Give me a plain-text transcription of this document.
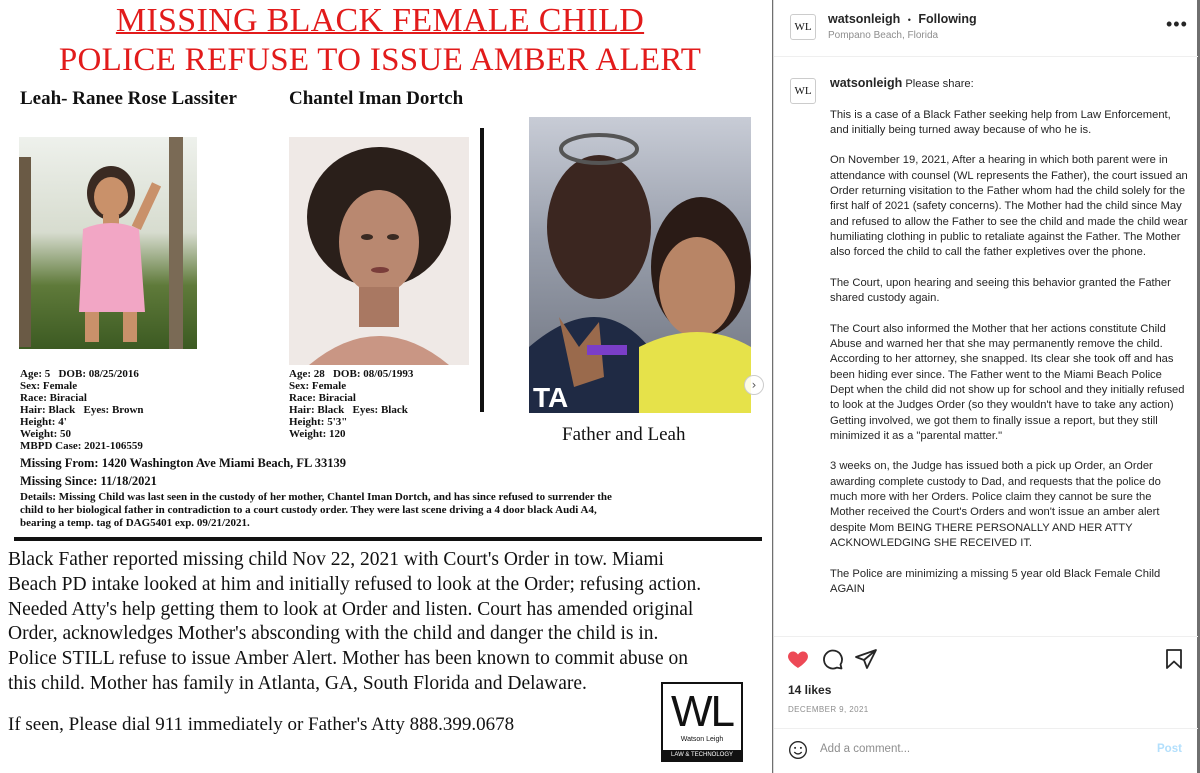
MISSING BLACK FEMALE CHILD
POLICE REFUSE TO ISSUE AMBER ALERT
Leah- Ranee Rose Lassiter	Chantel Iman Dortch
Age: 5   DOB: 08/25/2016
Sex: Female
Race: Biracial
Hair: Black   Eyes: Brown
Height: 4'
Weight: 50
MBPD Case: 2021-106559
Age: 28   DOB: 08/05/1993
Sex: Female
Race: Biracial
Hair: Black   Eyes: Black
Height: 5'3"
Weight: 120
TA
Father and Leah
›
Missing From: 1420 Washington Ave Miami Beach, FL 33139
Missing Since: 11/18/2021
Details: Missing Child was last seen in the custody of her mother, Chantel Iman Dortch, and has since refused to surrender the child to her biological father in contradiction to a court custody order. They were last scene driving a 4 door black Audi A4, bearing a temp. tag of DAG5401 exp. 09/21/2021.
Black Father reported missing child Nov 22, 2021 with Court's Order in tow. Miami
Beach PD intake looked at him and initially refused to look at the Order; refusing action.
Needed Atty's help getting them to look at Order and listen. Court has amended original
Order, acknowledges Mother's absconding with the child and danger the child is in.
Police STILL refuse to issue Amber Alert. Mother has been known to commit abuse on
this child. Mother has family in Atlanta, GA, South Florida and Delaware.
If seen, Please dial 911 immediately or Father's Atty 888.399.0678	WL
Watson Leigh
LAW & TECHNOLOGY
WL
watsonleigh • Following
Pompano Beach, Florida
•••
WL

watsonleigh Please share:

This is a case of a Black Father seeking help from Law Enforcement, and initially being turned away because of who he is.

On November 19, 2021, After a hearing in which both parent were in attendance with counsel (WL represents the Father), the court issued an Order returning visitation to the Father whom had the child solely for the first half of 2021 (safety concerns). The Mother had the child since May and refused to allow the Father to see the child and made the child wear humiliating clothing in public to retaliate against the Father. The Mother also forced the child to call the father expletives over the phone.

The Court, upon hearing and seeing this behavior granted the Father shared custody again.

The Court also informed the Mother that her actions constitute Child Abuse and warned her that she may permanently remove the child. According to her attorney, she snapped. Its clear she took off and has been hiding ever since. The Father went to the Miami Beach Police Dept when the child did not show up for school and they initially refused to look at the Judges Order (so they wouldn't have to take any action) Getting involved, we got them to finally issue a report, but they still minimized it as a "parental matter."

3 weeks on, the Judge has issued both a pick up Order, an Order awarding complete custody to Dad, and requests that the police do much more with her Orders. Police claim they cannot be sure the Mother received the Court's Orders and won't issue an amber alert despite Mom BEING THERE PERSONALLY AND HER ATTY ACKNOWLEDGING SHE RECEIVED IT.

The Police are minimizing a missing 5 year old Black Female Child AGAIN

14 likes
DECEMBER 9, 2021
Add a comment...	Post
